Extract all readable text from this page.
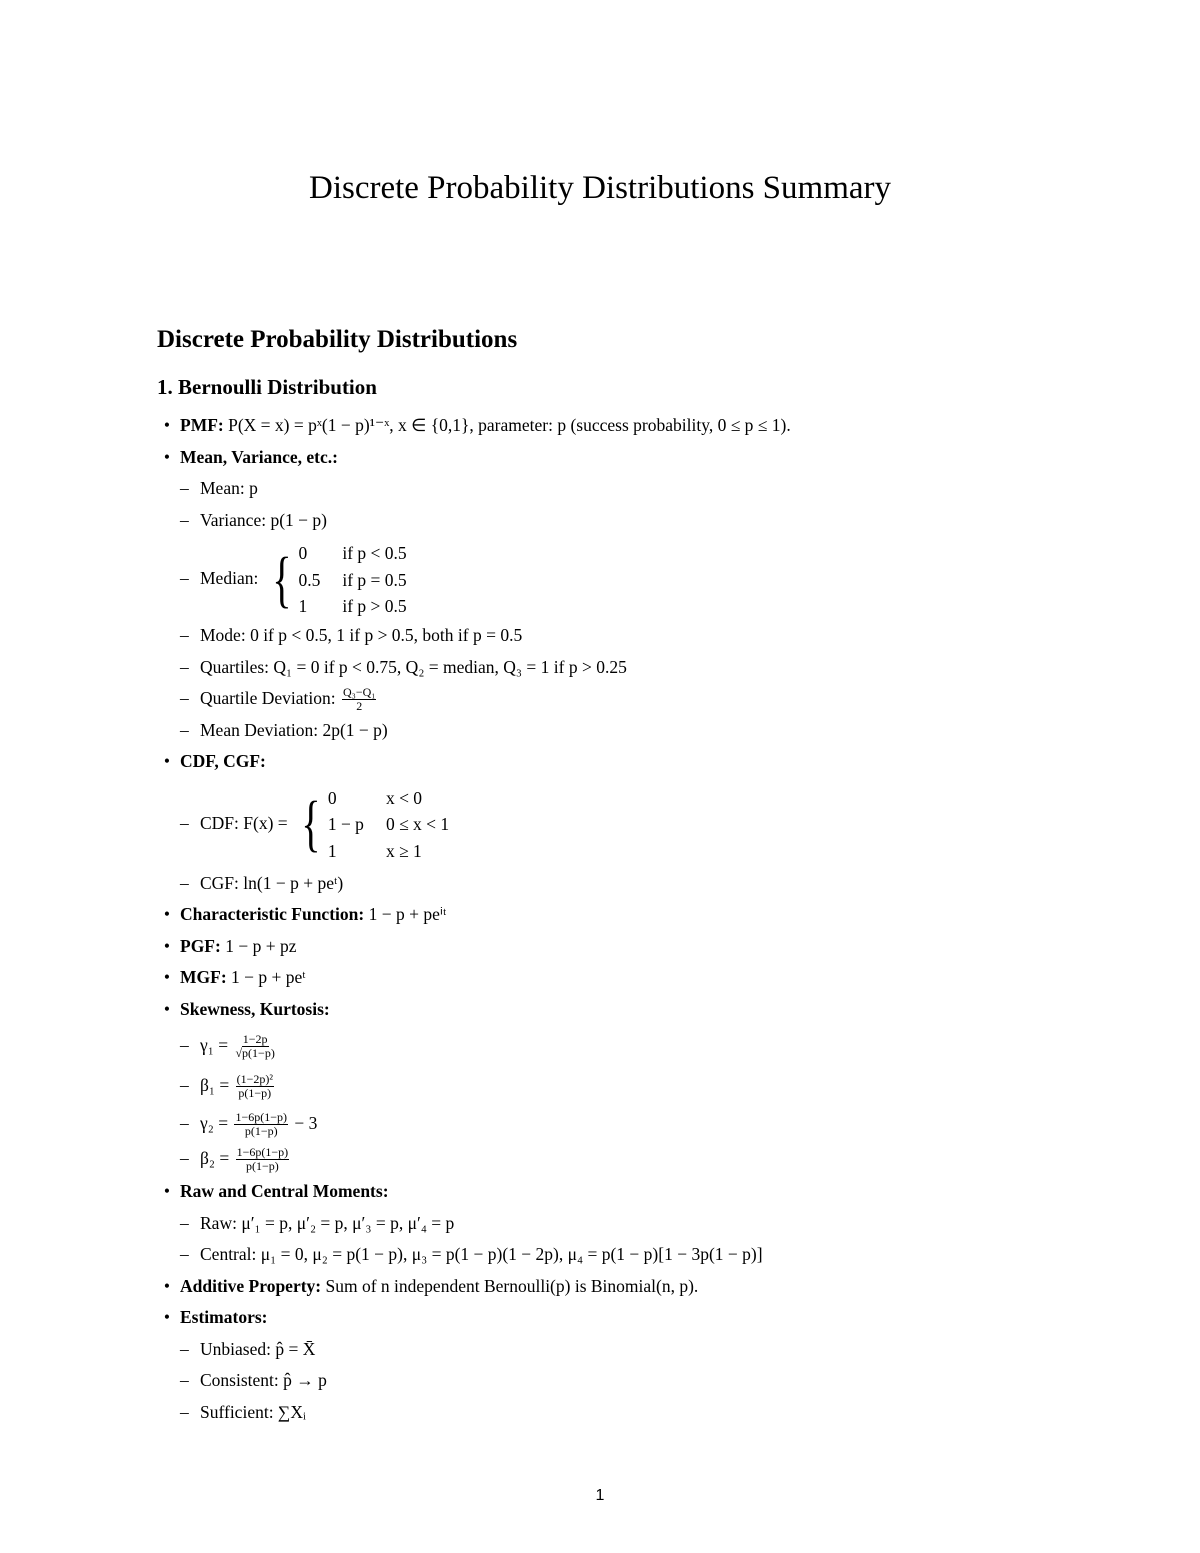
Discrete Probability Distributions Summary
Discrete Probability Distributions
1. Bernoulli Distribution
• PMF: P(X = x) = pˣ(1 − p)¹⁻ˣ, x ∈ {0,1}, parameter: p (success probability, 0 ≤ p ≤ 1).
• Mean, Variance, etc.:
– Mean: p
– Variance: p(1 − p)
– Median: { 0	if p < 0.5
0.5 if p = 0.5
1	if p > 0.5
– Mode: 0 if p < 0.5, 1 if p > 0.5, both if p = 0.5
– Quartiles: Q₁ = 0 if p < 0.75, Q₂ = median, Q₃ = 1 if p > 0.25
– Quartile Deviation: $\frac{\text{Q₃−Q₁}}{2}$
– Mean Deviation: 2p(1 − p)
• CDF, CGF:
– CDF: F(x) = { 0	x < 0
1 − p 0 ≤ x < 1
1	x ≥ 1
– CGF: ln(1 − p + peᵗ)
• Characteristic Function: 1 − p + peⁱᵗ
• PGF: 1 − p + pz
• MGF: 1 − p + peᵗ
• Skewness, Kurtosis:
– $\gamma_1 = \frac{1-2p}{√p(1-p)}$
– $\beta_1 = \frac{\text{(1−2p)²}}{p(1-p)}$
– $\gamma_2 = \frac{1-6p(1-p)}{p(1-p)} - 3$
– $\beta_2 = \frac{1-6p(1-p)}{p(1-p)}$
• Raw and Central Moments:
– Raw: μ′₁ = p, μ′₂ = p, μ′₃ = p, μ′₄ = p
– Central: μ₁ = 0, μ₂ = p(1 − p), μ₃ = p(1 − p)(1 − 2p), μ₄ = p(1 − p)[1 − 3p(1 − p)]
• Additive Property: Sum of n independent Bernoulli(p) is Binomial(n, p).
• Estimators:
– Unbiased: p̂ = X̄
– Consistent: p̂ → p
– Sufficient: ∑Xᵢ
1
